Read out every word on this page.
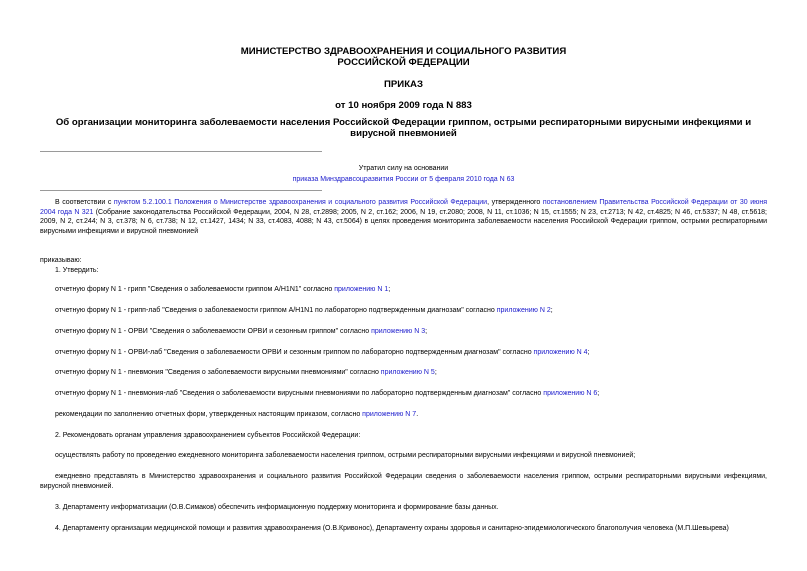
МИНИСТЕРСТВО ЗДРАВООХРАНЕНИЯ И СОЦИАЛЬНОГО РАЗВИТИЯ
РОССИЙСКОЙ ФЕДЕРАЦИИ
ПРИКАЗ
от 10 ноября 2009 года N 883
Об организации мониторинга заболеваемости населения Российской Федерации гриппом, острыми респираторными вирусными инфекциями и вирусной пневмонией
Утратил силу на основании
приказа Минздравсоцразвития России от 5 февраля 2010 года N 63
В соответствии с пунктом 5.2.100.1 Положения о Министерстве здравоохранения и социального развития Российской Федерации, утвержденного постановлением Правительства Российской Федерации от 30 июня 2004 года N 321 (Собрание законодательства Российской Федерации, 2004, N 28, ст.2898; 2005, N 2, ст.162; 2006, N 19, ст.2080; 2008, N 11, ст.1036; N 15, ст.1555; N 23, ст.2713; N 42, ст.4825; N 46, ст.5337; N 48, ст.5618; 2009, N 2, ст.244; N 3, ст.378; N 6, ст.738; N 12, ст.1427, 1434; N 33, ст.4083, 4088; N 43, ст.5064) в целях проведения мониторинга заболеваемости населения Российской Федерации гриппом, острыми респираторными вирусными инфекциями и вирусной пневмонией
приказываю:
1. Утвердить:
отчетную форму N 1 - грипп "Сведения о заболеваемости гриппом A/H1N1" согласно приложению N 1;
отчетную форму N 1 - грипп-лаб "Сведения о заболеваемости гриппом A/H1N1 по лабораторно подтвержденным диагнозам" согласно приложению N 2;
отчетную форму N 1 - ОРВИ "Сведения о заболеваемости ОРВИ и сезонным гриппом" согласно приложению N 3;
отчетную форму N 1 - ОРВИ-лаб "Сведения о заболеваемости ОРВИ и сезонным гриппом по лабораторно подтвержденным диагнозам" согласно приложению N 4;
отчетную форму N 1 - пневмония "Сведения о заболеваемости вирусными пневмониями" согласно приложению N 5;
отчетную форму N 1 - пневмония-лаб "Сведения о заболеваемости вирусными пневмониями по лабораторно подтвержденным диагнозам" согласно приложению N 6;
рекомендации по заполнению отчетных форм, утвержденных настоящим приказом, согласно приложению N 7.
2. Рекомендовать органам управления здравоохранением субъектов Российской Федерации:
осуществлять работу по проведению ежедневного мониторинга заболеваемости населения гриппом, острыми респираторными вирусными инфекциями и вирусной пневмонией;
ежедневно представлять в Министерство здравоохранения и социального развития Российской Федерации сведения о заболеваемости населения гриппом, острыми респираторными вирусными инфекциями, вирусной пневмонией.
3. Департаменту информатизации (О.В.Симаков) обеспечить информационную поддержку мониторинга и формирование базы данных.
4. Департаменту организации медицинской помощи и развития здравоохранения (О.В.Кривонос), Департаменту охраны здоровья и санитарно-эпидемиологического благополучия человека (М.П.Шевырева)
